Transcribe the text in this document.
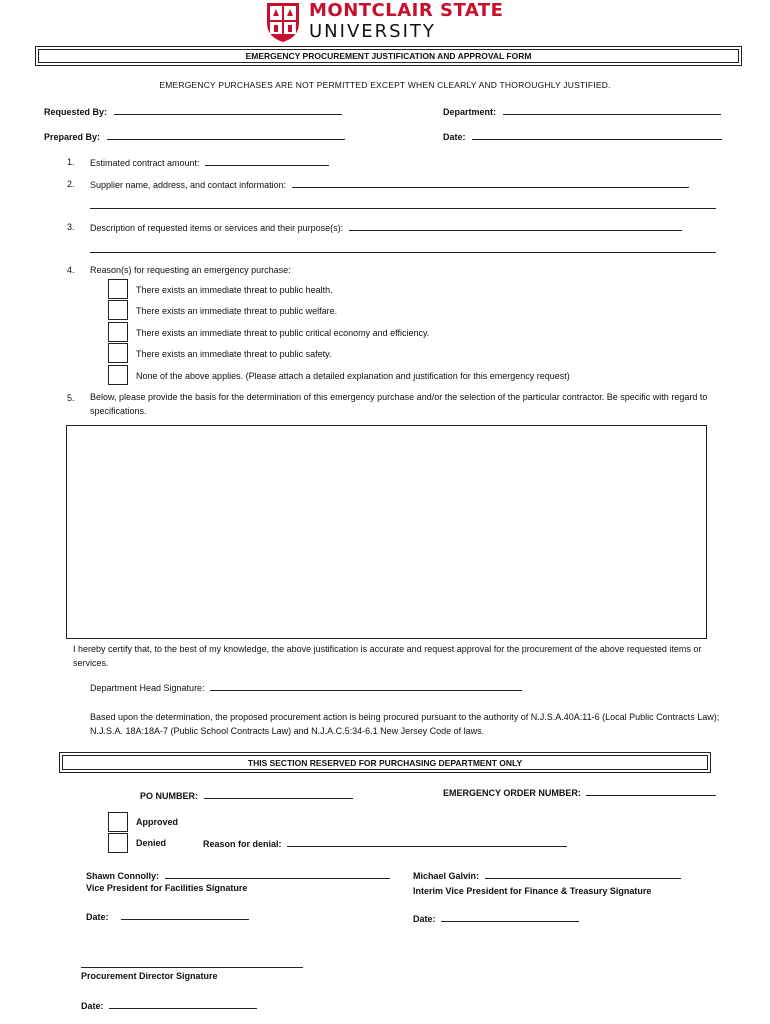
MONTCLAIR STATE
UNIVERSITY
EMERGENCY PROCUREMENT JUSTIFICATION AND APPROVAL FORM
EMERGENCY PURCHASES ARE NOT PERMITTED EXCEPT WHEN CLEARLY AND THOROUGHLY JUSTIFIED.
Requested By:	Department:
Prepared By:	Date:
1. Estimated contract amount:
2. Supplier name, address, and contact information:
3. Description of requested items or services and their purpose(s):
4. Reason(s) for requesting an emergency purchase:
There exists an immediate threat to public health.
There exists an immediate threat to public welfare.
There exists an immediate threat to public critical economy and efficiency.
There exists an immediate threat to public safety.
None of the above applies. (Please attach a detailed explanation and justification for this emergency request)
5. Below, please provide the basis for the determination of this emergency purchase and/or the selection of the particular contractor. Be specific with regard to specifications.
I hereby certify that, to the best of my knowledge, the above justification is accurate and request approval for the procurement of the above requested items or services.
Department Head Signature:
Based upon the determination, the proposed procurement action is being procured pursuant to the authority of N.J.S.A.40A:11-6 (Local Public Contracts Law); N.J.S.A. 18A:18A-7 (Public School Contracts Law) and N.J.A.C.5:34-6.1 New Jersey Code of laws.
THIS SECTION RESERVED FOR PURCHASING DEPARTMENT ONLY
PO NUMBER:	EMERGENCY ORDER NUMBER:
Approved
Denied	Reason for denial:
Shawn Connolly:
Vice President for Facilities Signature
Michael Galvin:
Interim Vice President for Finance & Treasury Signature
Date:	Date:
Procurement Director Signature
Date:
